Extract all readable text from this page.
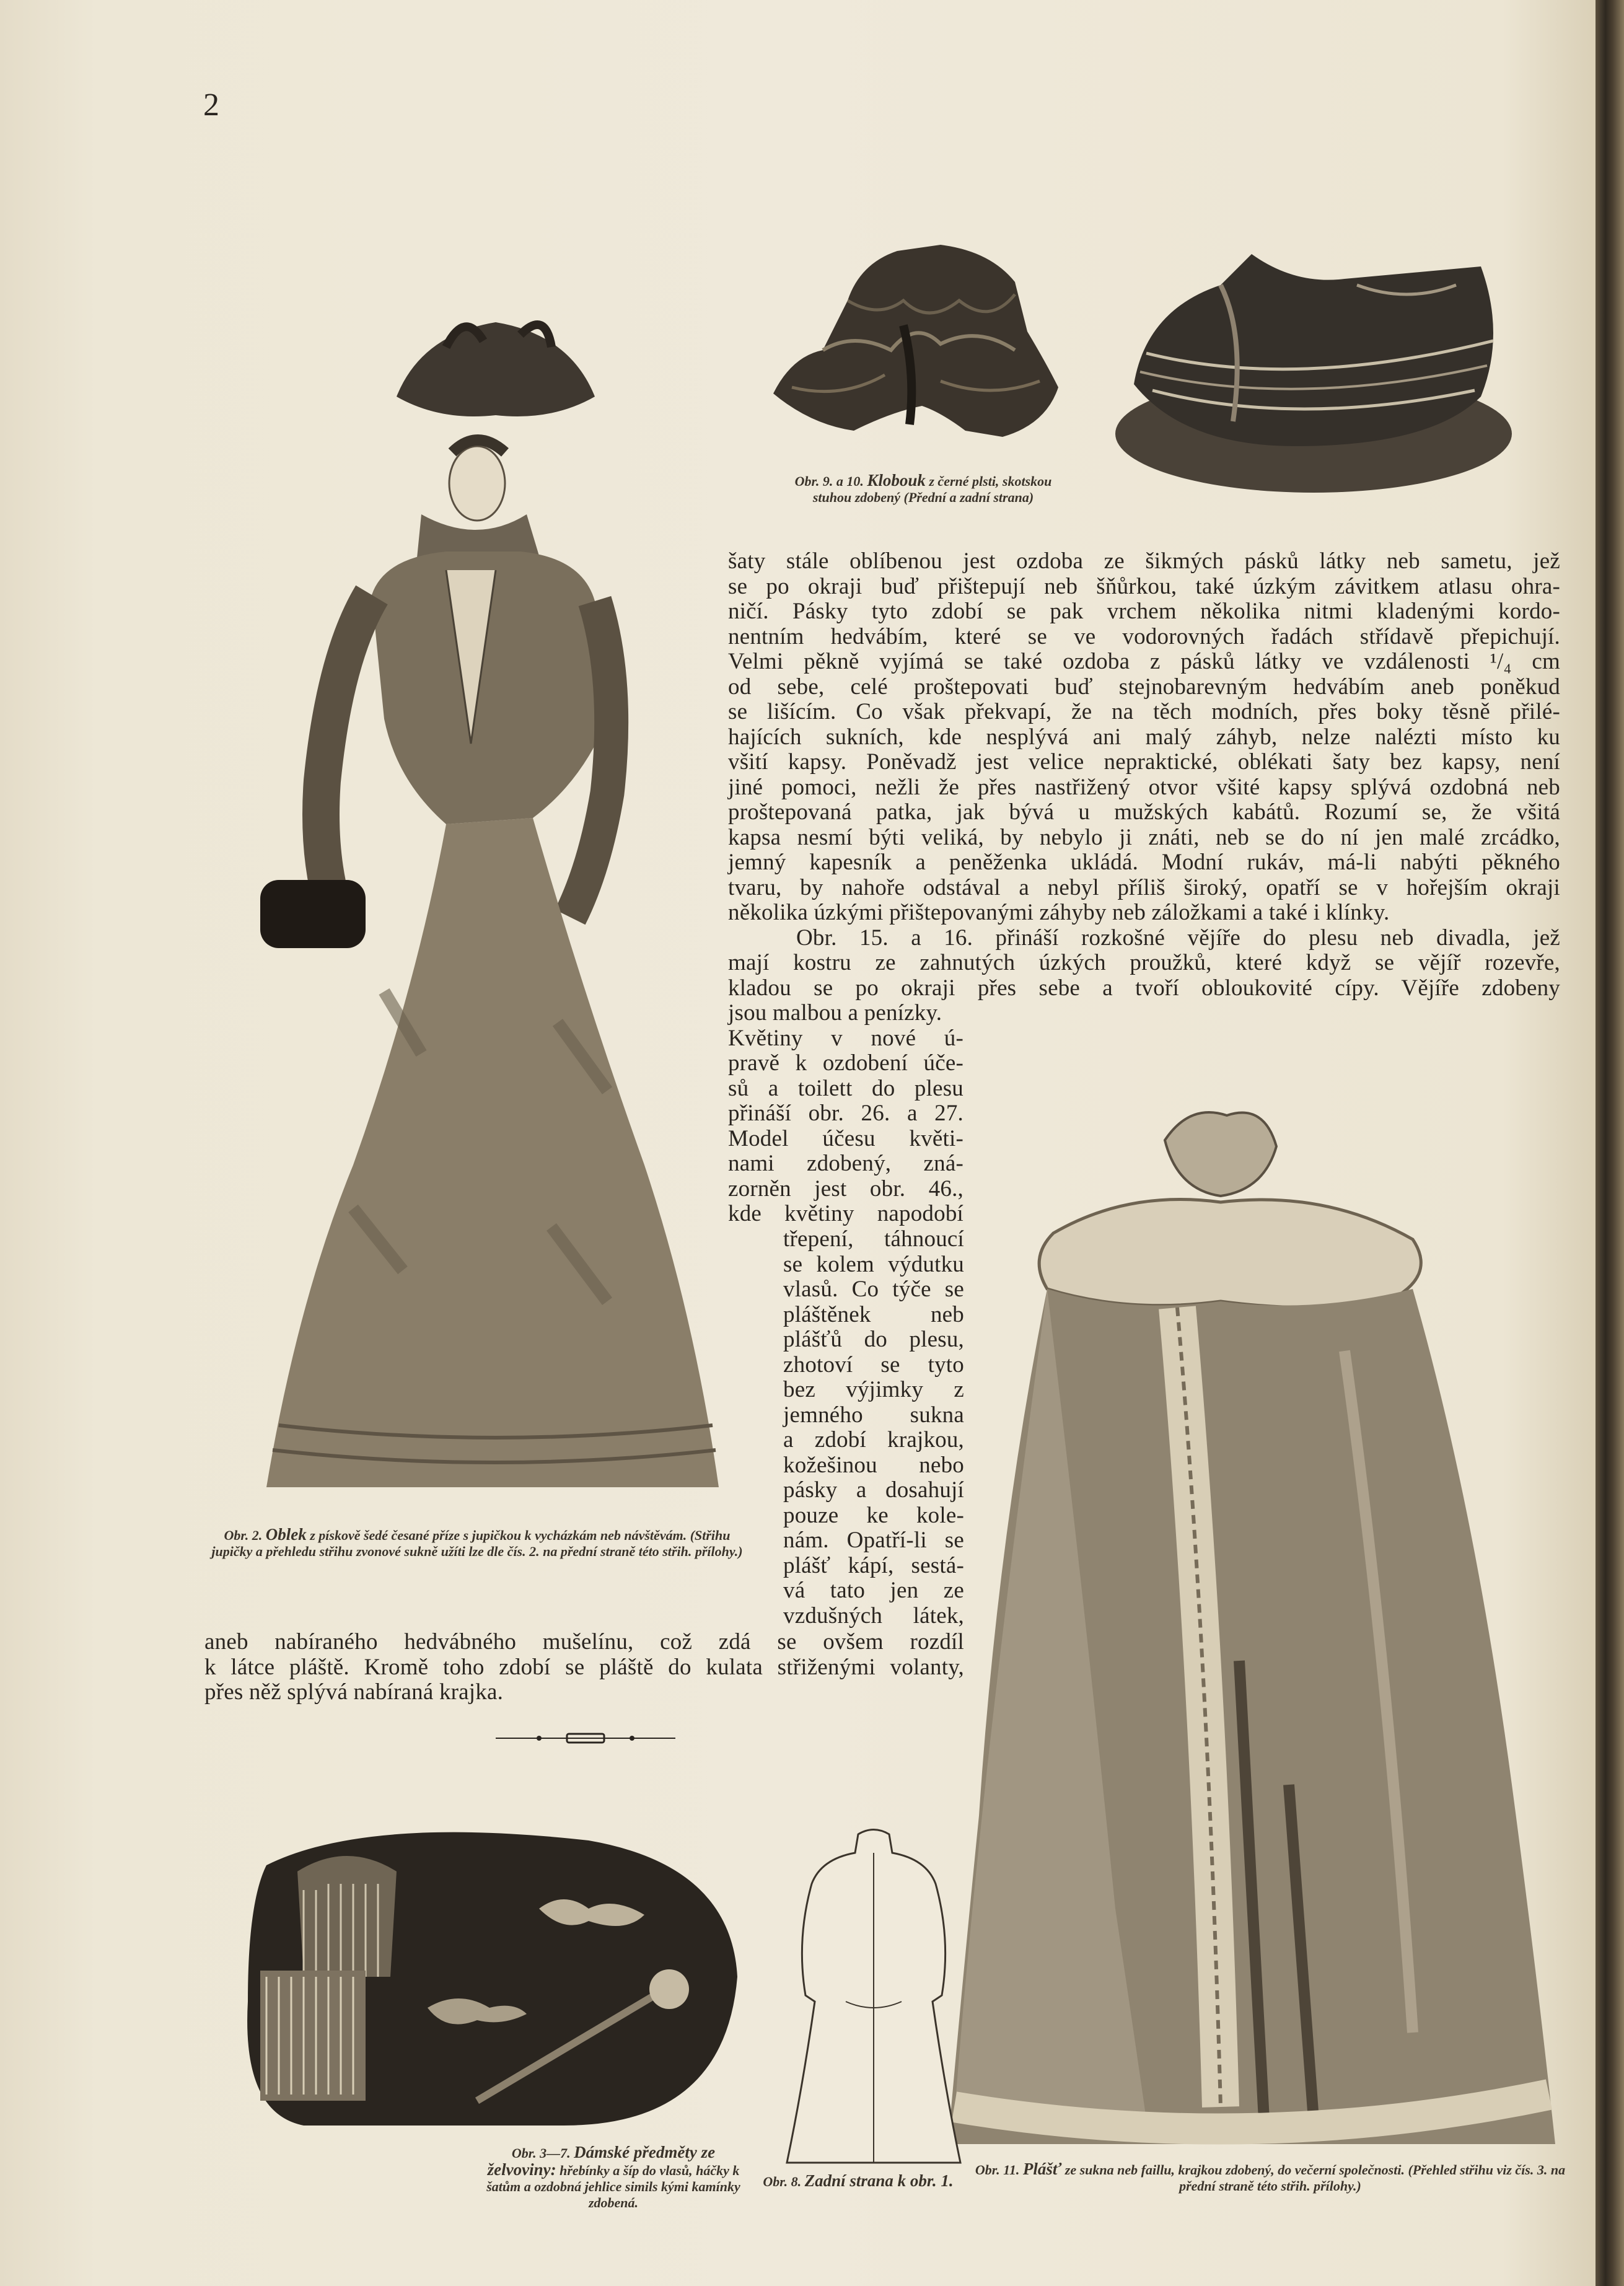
2
Obr. 9. a 10. Klobouk z černé plsti, skotskou stuhou zdobený (Přední a zadní strana)
Obr. 2. Oblek z pískově šedé česané příze s jupičkou k vycházkám neb návštěvám. (Střihu jupičky a přehledu střihu zvonové sukně užíti lze dle čís. 2. na přední straně této střih. přílohy.)
Obr. 11. Plášť ze sukna neb faillu, krajkou zdobený, do večerní společnosti. (Přehled střihu viz čís. 3. na přední straně této střih. přílohy.)
Obr. 8. Zadní strana k obr. 1.
Obr. 3—7. Dámské předměty ze želvoviny: hřebínky a šíp do vlasů, háčky k šatům a ozdobná jehlice simils kými kamínky zdobená.
šaty stále oblíbenou jest ozdoba ze šikmých pásků látky neb sametu, jež
se po okraji buď přištepují neb šňůrkou, také úzkým závitkem atlasu ohra-
ničí. Pásky tyto zdobí se pak vrchem několika nitmi kladenými kordo-
nentním hedvábím, které se ve vodorovných řadách střídavě přepichují.
Velmi pěkně vyjímá se také ozdoba z pásků látky ve vzdálenosti ¹/₄ cm
od sebe, celé proštepovati buď stejnobarevným hedvábím aneb poněkud
se lišícím. Co však překvapí, že na těch modních, přes boky těsně přilé-
hajících sukních, kde nesplývá ani malý záhyb, nelze nalézti místo ku
všití kapsy. Poněvadž jest velice nepraktické, oblékati šaty bez kapsy, není
jiné pomoci, nežli že přes nastřižený otvor všité kapsy splývá ozdobná neb
proštepovaná patka, jak bývá u mužských kabátů. Rozumí se, že všitá
kapsa nesmí býti veliká, by nebylo ji znáti, neb se do ní jen malé zrcádko,
jemný kapesník a peněženka ukládá. Modní rukáv, má-li nabýti pěkného
tvaru, by nahoře odstával a nebyl příliš široký, opatří se v hořejším okraji
několika úzkými přištepovanými záhyby neb záložkami a také i klínky.
Obr. 15. a 16. přináší rozkošné vějíře do plesu neb divadla, jež
mají kostru ze zahnutých úzkých proužků, které když se vějíř rozevře,
kladou se po okraji přes sebe a tvoří obloukovité cípy. Vějíře zdobeny
jsou malbou a penízky.
Květiny v nové ú-
pravě k ozdobení úče-
sů a toilett do plesu
přináší obr. 26. a 27.
Model účesu květi-
nami zdobený, zná-
zorněn jest obr. 46.,
kde květiny napodobí
třepení, táhnoucí
se kolem výdutku
vlasů. Co týče se
pláštěnek neb
plášťů do plesu,
zhotoví se tyto
bez výjimky z
jemného sukna
a zdobí krajkou,
kožešinou nebo
pásky a dosahují
pouze ke kole-
nám. Opatří-li se
plášť kápí, sestá-
vá tato jen ze
vzdušných látek,
aneb nabíraného hedvábného mušelínu, což zdá se ovšem rozdíl
k látce pláště. Kromě toho zdobí se pláště do kulata střiženými volanty,
přes něž splývá nabíraná krajka.
